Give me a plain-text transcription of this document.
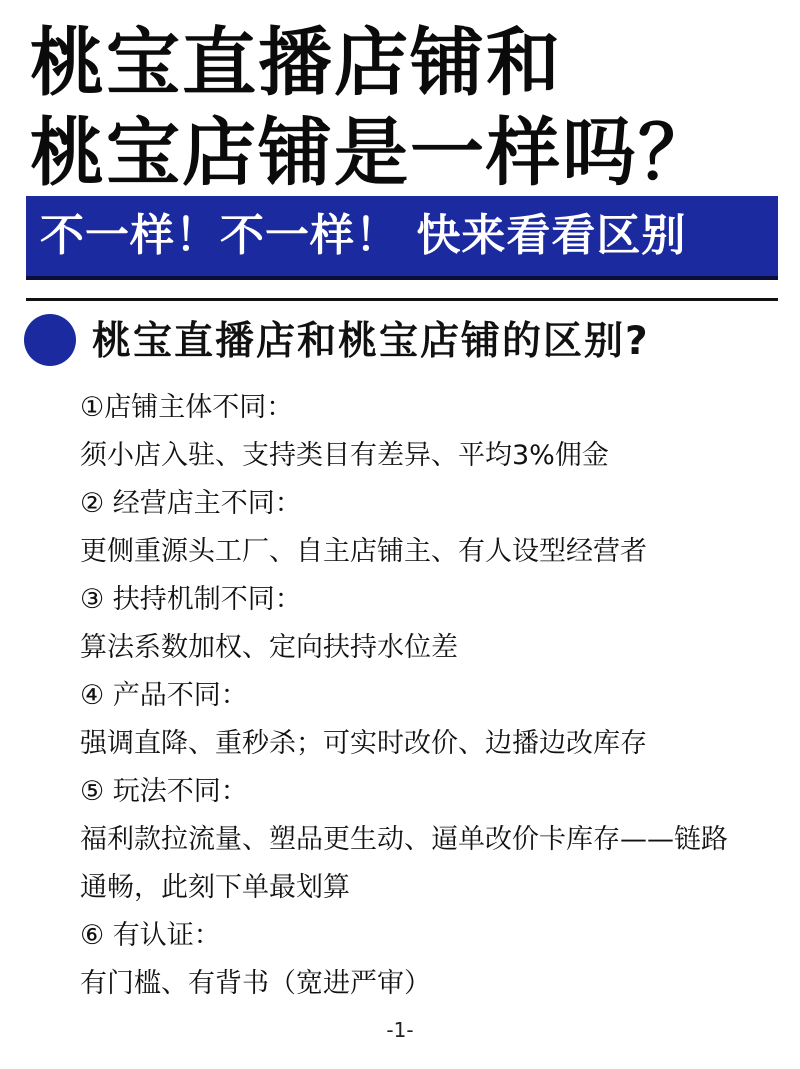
桃宝直播店铺和
桃宝店铺是一样吗？
不一样！不一样！ 快来看看区别
桃宝直播店和桃宝店铺的区别?
①店铺主体不同：
须小店入驻、支持类目有差异、平均3%佣金
② 经营店主不同：
更侧重源头工厂、自主店铺主、有人设型经营者
③ 扶持机制不同：
算法系数加权、定向扶持水位差
④ 产品不同：
强调直降、重秒杀；可实时改价、边播边改库存
⑤ 玩法不同：
福利款拉流量、塑品更生动、逼单改价卡库存——链路通畅，此刻下单最划算
⑥ 有认证：
有门槛、有背书（宽进严审）
-1-
